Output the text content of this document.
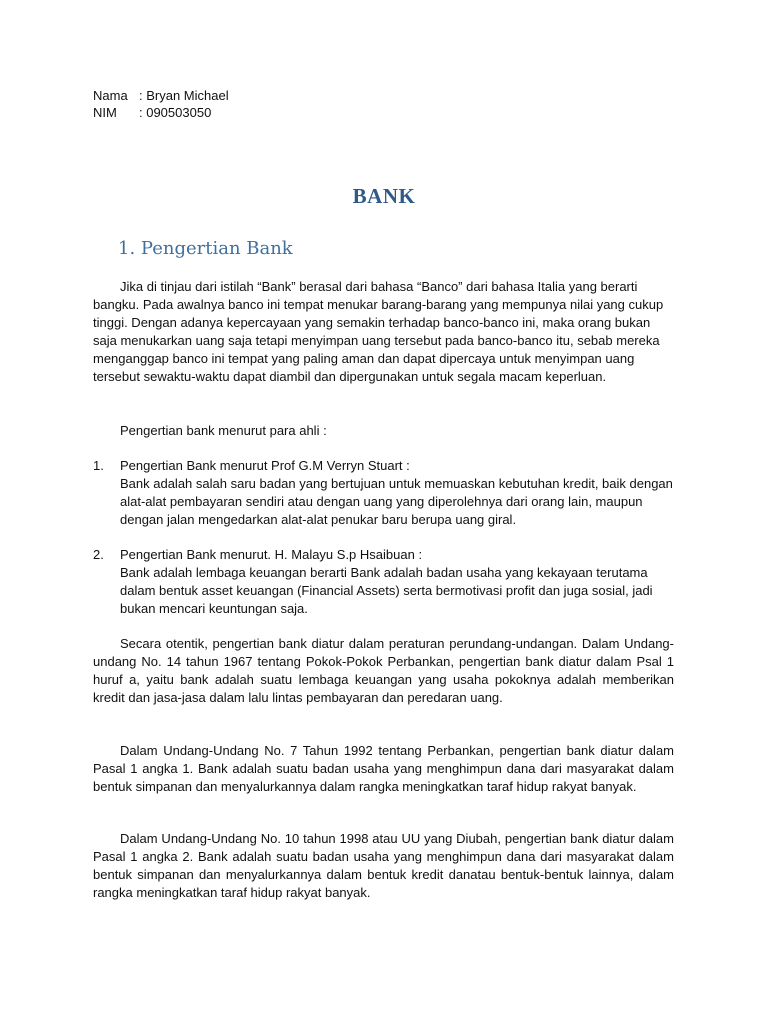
Nama : Bryan Michael
NIM	: 090503050
BANK
1. Pengertian Bank

Jika di tinjau dari istilah “Bank” berasal dari bahasa “Banco” dari bahasa Italia yang berarti bangku. Pada awalnya banco ini tempat menukar barang-barang yang mempunya nilai yang cukup tinggi. Dengan adanya kepercayaan yang semakin terhadap banco-banco ini, maka orang bukan saja menukarkan uang saja tetapi menyimpan uang tersebut pada banco-banco itu, sebab mereka menganggap banco ini tempat yang paling aman dan dapat dipercaya untuk menyimpan uang tersebut sewaktu-waktu dapat diambil dan dipergunakan untuk segala macam keperluan.

Pengertian bank menurut para ahli :

1. Pengertian Bank menurut Prof G.M Verryn Stuart :
Bank adalah salah saru badan yang bertujuan untuk memuaskan kebutuhan kredit, baik dengan alat-alat pembayaran sendiri atau dengan uang yang diperolehnya dari orang lain, maupun dengan jalan mengedarkan alat-alat penukar baru berupa uang giral.
2. Pengertian Bank menurut. H. Malayu S.p Hsaibuan :
Bank adalah lembaga keuangan berarti Bank adalah badan usaha yang kekayaan terutama dalam bentuk asset keuangan (Financial Assets) serta bermotivasi profit dan juga sosial, jadi bukan mencari keuntungan saja.

Secara otentik, pengertian bank diatur dalam peraturan perundang-undangan. Dalam Undang-undang No. 14 tahun 1967 tentang Pokok-Pokok Perbankan, pengertian bank diatur dalam Psal 1 huruf a, yaitu bank adalah suatu lembaga keuangan yang usaha pokoknya adalah memberikan kredit dan jasa-jasa dalam lalu lintas pembayaran dan peredaran uang.

Dalam Undang-Undang No. 7 Tahun 1992 tentang Perbankan, pengertian bank diatur dalam Pasal 1 angka 1. Bank adalah suatu badan usaha yang menghimpun dana dari masyarakat dalam bentuk simpanan dan menyalurkannya dalam rangka meningkatkan taraf hidup rakyat banyak.

Dalam Undang-Undang No. 10 tahun 1998 atau UU yang Diubah, pengertian bank diatur dalam Pasal 1 angka 2. Bank adalah suatu badan usaha yang menghimpun dana dari masyarakat dalam bentuk simpanan dan menyalurkannya dalam bentuk kredit danatau bentuk-bentuk lainnya, dalam rangka meningkatkan taraf hidup rakyat banyak.
